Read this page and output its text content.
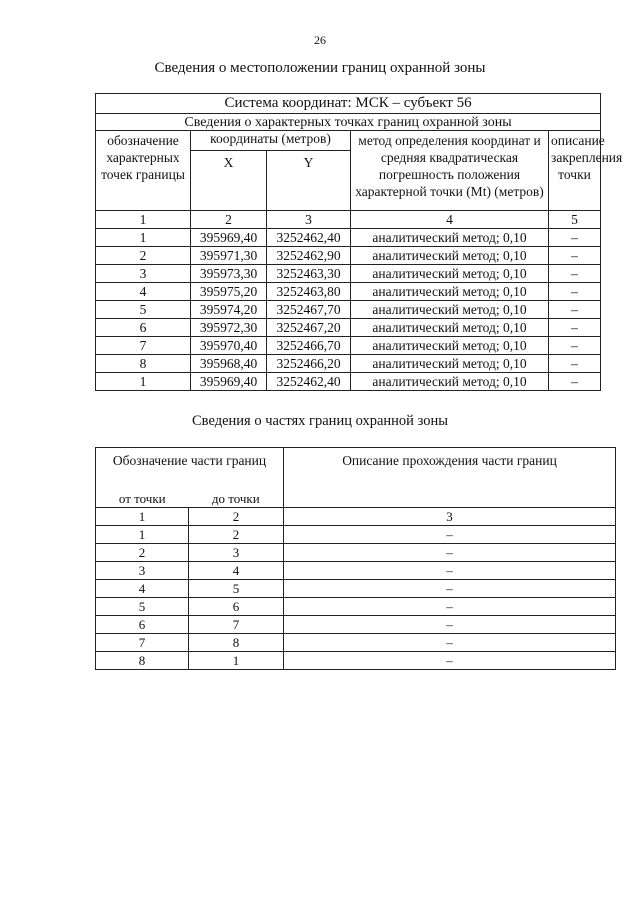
26
Сведения о местоположении границ охранной зоны
Система координат: МСК – субъект 56				
Сведения о характерных точках границ охранной зоны				
обозначение характерных точек границы	координаты (метров)		метод определения координат и средняя квадратическая погрешность положения характерной точки (Mt) (метров)	описание закрепления точки
	X	Y		
1	2	3	4	5
1	395969,40	3252462,40	аналитический метод; 0,10	–
2	395971,30	3252462,90	аналитический метод; 0,10	–
3	395973,30	3252463,30	аналитический метод; 0,10	–
4	395975,20	3252463,80	аналитический метод; 0,10	–
5	395974,20	3252467,70	аналитический метод; 0,10	–
6	395972,30	3252467,20	аналитический метод; 0,10	–
7	395970,40	3252466,70	аналитический метод; 0,10	–
8	395968,40	3252466,20	аналитический метод; 0,10	–
1	395969,40	3252462,40	аналитический метод; 0,10	–
Сведения о частях границ охранной зоны
Обозначение части границ		Описание прохождения части границ
от точки	до точки	
1	2	3
1	2	–
2	3	–
3	4	–
4	5	–
5	6	–
6	7	–
7	8	–
8	1	–
